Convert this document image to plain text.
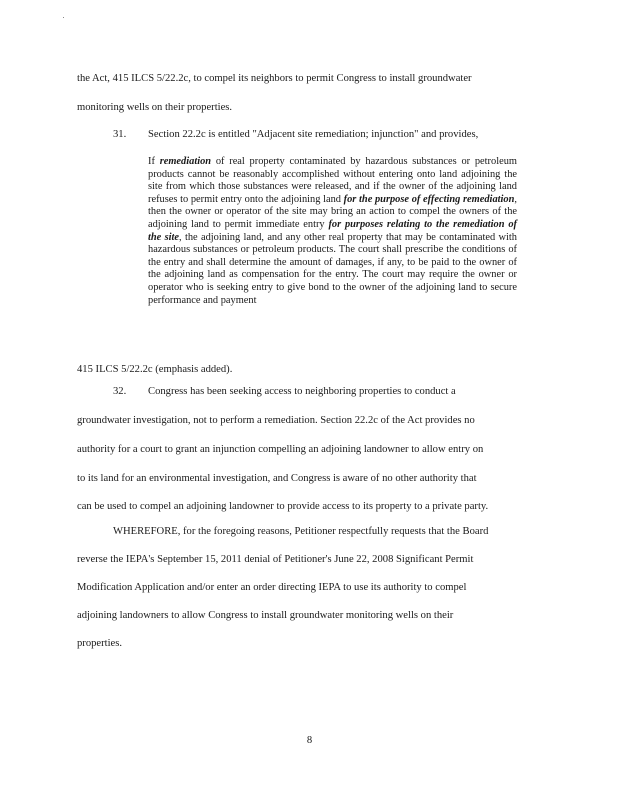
the Act, 415 ILCS 5/22.2c, to compel its neighbors to permit Congress to install groundwater
monitoring wells on their properties.
31. Section 22.2c is entitled "Adjacent site remediation; injunction" and provides,

If remediation of real property contaminated by hazardous substances or petroleum products cannot be reasonably accomplished without entering onto land adjoining the site from which those substances were released, and if the owner of the adjoining land refuses to permit entry onto the adjoining land for the purpose of effecting remediation, then the owner or operator of the site may bring an action to compel the owners of the adjoining land to permit immediate entry for purposes relating to the remediation of the site, the adjoining land, and any other real property that may be contaminated with hazardous substances or petroleum products. The court shall prescribe the conditions of the entry and shall determine the amount of damages, if any, to be paid to the owner of the adjoining land as compensation for the entry. The court may require the owner or operator who is seeking entry to give bond to the owner of the adjoining land to secure performance and payment

415 ILCS 5/22.2c (emphasis added).
32. Congress has been seeking access to neighboring properties to conduct a
groundwater investigation, not to perform a remediation. Section 22.2c of the Act provides no
authority for a court to grant an injunction compelling an adjoining landowner to allow entry on
to its land for an environmental investigation, and Congress is aware of no other authority that
can be used to compel an adjoining landowner to provide access to its property to a private party.
WHEREFORE, for the foregoing reasons, Petitioner respectfully requests that the Board
reverse the IEPA's September 15, 2011 denial of Petitioner's June 22, 2008 Significant Permit
Modification Application and/or enter an order directing IEPA to use its authority to compel
adjoining landowners to allow Congress to install groundwater monitoring wells on their
properties.
8
